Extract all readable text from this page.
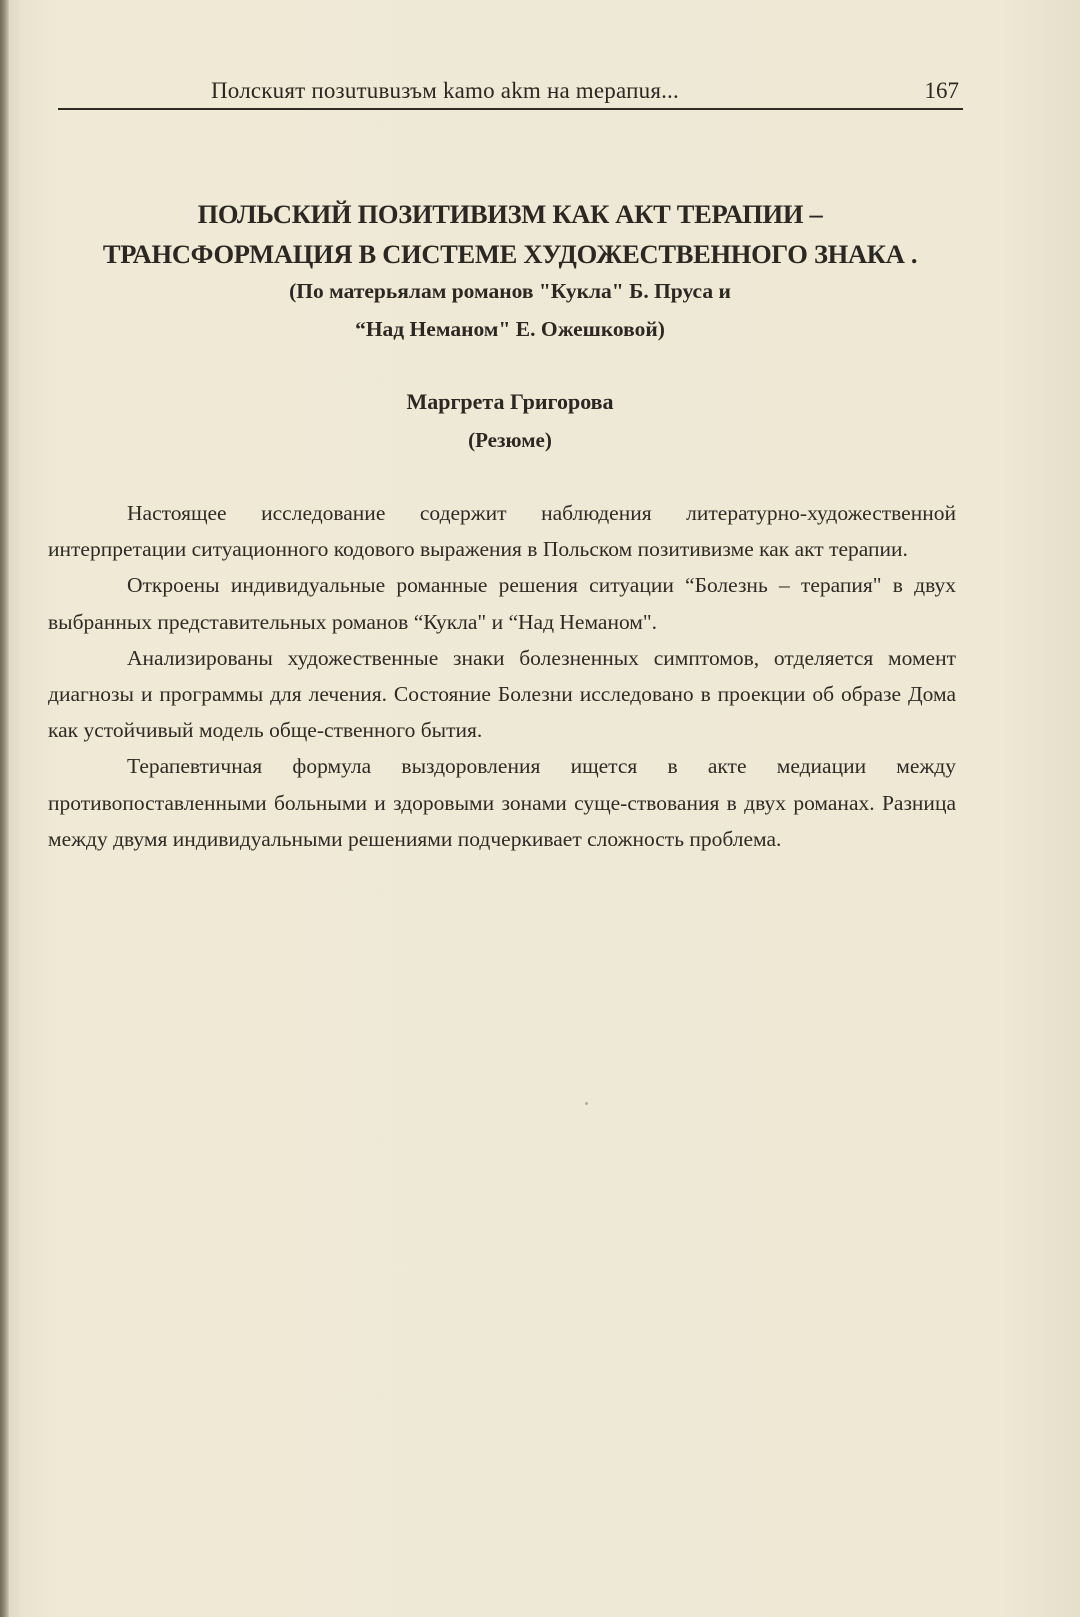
Полскuят позuтuвuзъм kamo akm на mерапuя...	167
ПОЛЬСКИЙ ПОЗИТИВИЗМ КАК АКТ ТЕРАПИИ –
ТРАНСФОРМАЦИЯ В СИСТЕМЕ ХУДОЖЕСТВЕННОГО ЗНАКА .
(По матерьялам романов "Кукла" Б. Пруса и
“Над Неманом" Е. Ожешковой)
Маргрета Григорова
(Резюме)

Настоящее исследование содержит наблюдения литературно-художественной интерпретации ситуационного кодового выражения в Польском позитивизме как акт терапии.

Откроены индивидуальные романные решения ситуации “Болезнь – терапия" в двух выбранных представительных романов “Кукла" и “Над Неманом".

Анализированы художественные знаки болезненных симптомов, отделяется момент диагнозы и программы для лечения. Состояние Болезни исследовано в проекции об образе Дома как устойчивый модель обще-ственного бытия.

Терапевтичная формула выздоровления ищется в акте медиации между противопоставленными больными и здоровыми зонами суще-ствования в двух романах. Разница между двумя индивидуальными решениями подчеркивает сложность проблема.
